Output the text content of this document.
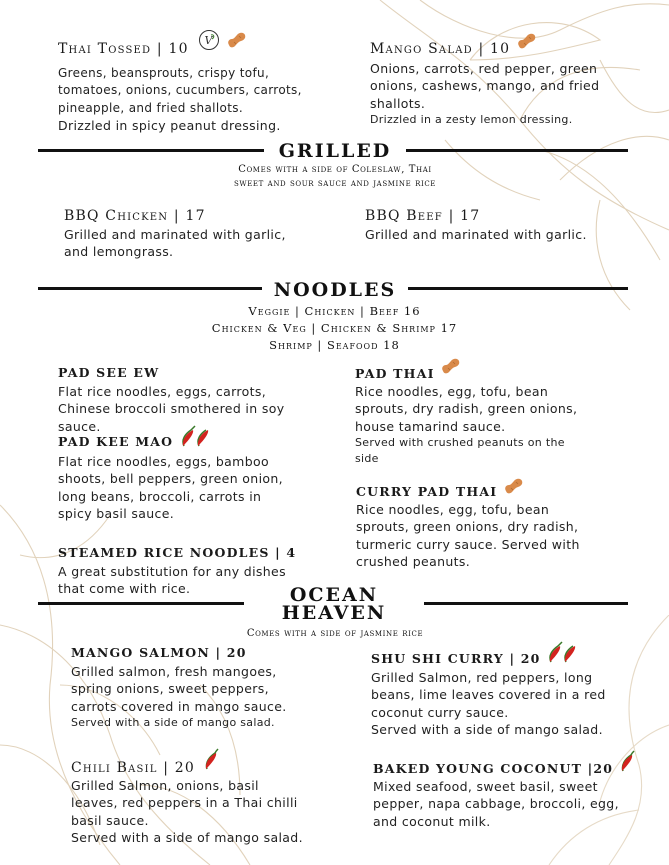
Thai Tossed | 10
V

Greens, beansprouts, crispy tofu,
tomatoes, onions, cucumbers, carrots,
pineapple, and fried shallots.
Drizzled in spicy peanut dressing.
Mango Salad | 10
Onions, carrots, red pepper, green
onions, cashews, mango, and fried
shallots.
Drizzled in a zesty lemon dressing.
GRILLED
Comes with a side of Coleslaw, Thai
sweet and sour sauce and jasmine rice
BBQ Chicken | 17
Grilled and marinated with garlic,
and lemongrass.
BBQ Beef | 17
Grilled and marinated with garlic.
NOODLES
Veggie | Chicken | Beef 16
Chicken & Veg | Chicken & Shrimp 17
Shrimp | Seafood 18
PAD SEE EW
Flat rice noodles, eggs, carrots,
Chinese broccoli smothered in soy
sauce.
PAD THAI
Rice noodles, egg, tofu, bean
sprouts, dry radish, green onions,
house tamarind sauce.
Served with crushed peanuts on the
side
PAD KEE MAO
Flat rice noodles, eggs, bamboo
shoots, bell peppers, green onion,
long beans, broccoli, carrots in
spicy basil sauce.
CURRY PAD THAI
Rice noodles, egg, tofu, bean
sprouts, green onions, dry radish,
turmeric curry sauce. Served with
crushed peanuts.
STEAMED RICE NOODLES | 4
A great substitution for any dishes
that come with rice.	OCEAN
HEAVEN
Comes with a side of jasmine rice
MANGO SALMON | 20
Grilled salmon, fresh mangoes,
spring onions, sweet peppers,
carrots covered in mango sauce.
Served with a side of mango salad.
SHU SHI CURRY | 20
Grilled Salmon, red peppers, long
beans, lime leaves covered in a red
coconut curry sauce.
Served with a side of mango salad.
Chili Basil | 20
Grilled Salmon, onions, basil
leaves, red peppers in a Thai chilli
basil sauce.
Served with a side of mango salad.
BAKED YOUNG COCONUT |20
Mixed seafood, sweet basil, sweet
pepper, napa cabbage, broccoli, egg,
and coconut milk.
